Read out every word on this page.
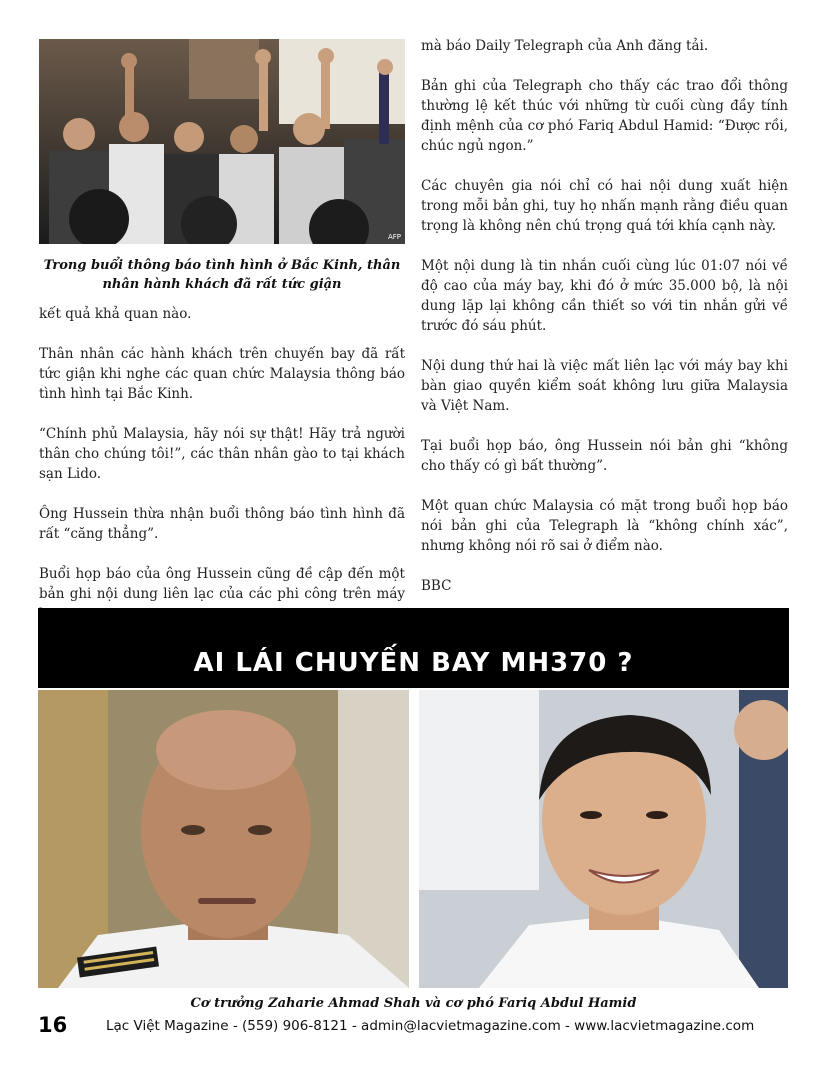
AFP
Trong buổi thông báo tình hình ở Bắc Kinh, thân nhân hành khách đã rất tức giận

kết quả khả quan nào.

Thân nhân các hành khách trên chuyến bay đã rất tức giận khi nghe các quan chức Malaysia thông báo tình hình tại Bắc Kinh.

“Chính phủ Malaysia, hãy nói sự thật! Hãy trả người thân cho chúng tôi!”, các thân nhân gào to tại khách sạn Lido.

Ông Hussein thừa nhận buổi thông báo tình hình đã rất “căng thẳng”.

Buổi họp báo của ông Hussein cũng đề cập đến một bản ghi nội dung liên lạc của các phi công trên máy

mà báo Daily Telegraph của Anh đăng tải.

Bản ghi của Telegraph cho thấy các trao đổi thông thường lệ kết thúc với những từ cuối cùng đầy tính định mệnh của cơ phó Fariq Abdul Hamid: “Được rồi, chúc ngủ ngon.”

Các chuyên gia nói chỉ có hai nội dung xuất hiện trong mỗi bản ghi, tuy họ nhấn mạnh rằng điều quan trọng là không nên chú trọng quá tới khía cạnh này.

Một nội dung là tin nhắn cuối cùng lúc 01:07 nói về độ cao của máy bay, khi đó ở mức 35.000 bộ, là nội dung lặp lại không cần thiết so với tin nhắn gửi về trước đó sáu phút.

Nội dung thứ hai là việc mất liên lạc với máy bay khi bàn giao quyền kiểm soát không lưu giữa Malaysia và Việt Nam.

Tại buổi họp báo, ông Hussein nói bản ghi “không cho thấy có gì bất thường”.

Một quan chức Malaysia có mặt trong buổi họp báo nói bản ghi của Telegraph là “không chính xác”, nhưng không nói rõ sai ở điểm nào.

BBC

AI LÁI CHUYẾN BAY MH370 ?
Cơ trưởng Zaharie Ahmad Shah và cơ phó Fariq Abdul Hamid
16	Lạc Việt Magazine - (559) 906-8121 - admin@lacvietmagazine.com - www.lacvietmagazine.com
